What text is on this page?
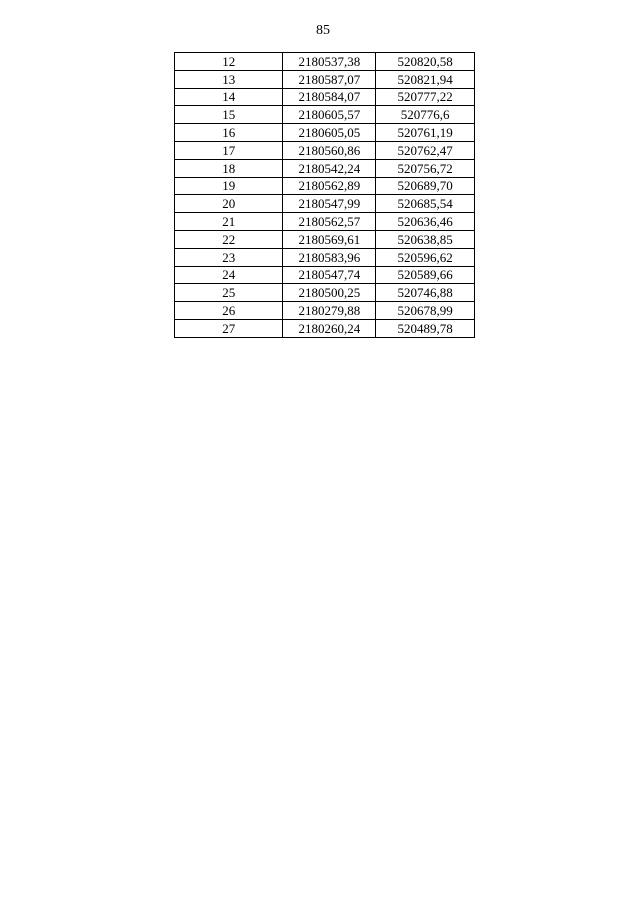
85
12	2180537,38	520820,58
13	2180587,07	520821,94
14	2180584,07	520777,22
15	2180605,57	520776,6
16	2180605,05	520761,19
17	2180560,86	520762,47
18	2180542,24	520756,72
19	2180562,89	520689,70
20	2180547,99	520685,54
21	2180562,57	520636,46
22	2180569,61	520638,85
23	2180583,96	520596,62
24	2180547,74	520589,66
25	2180500,25	520746,88
26	2180279,88	520678,99
27	2180260,24	520489,78
